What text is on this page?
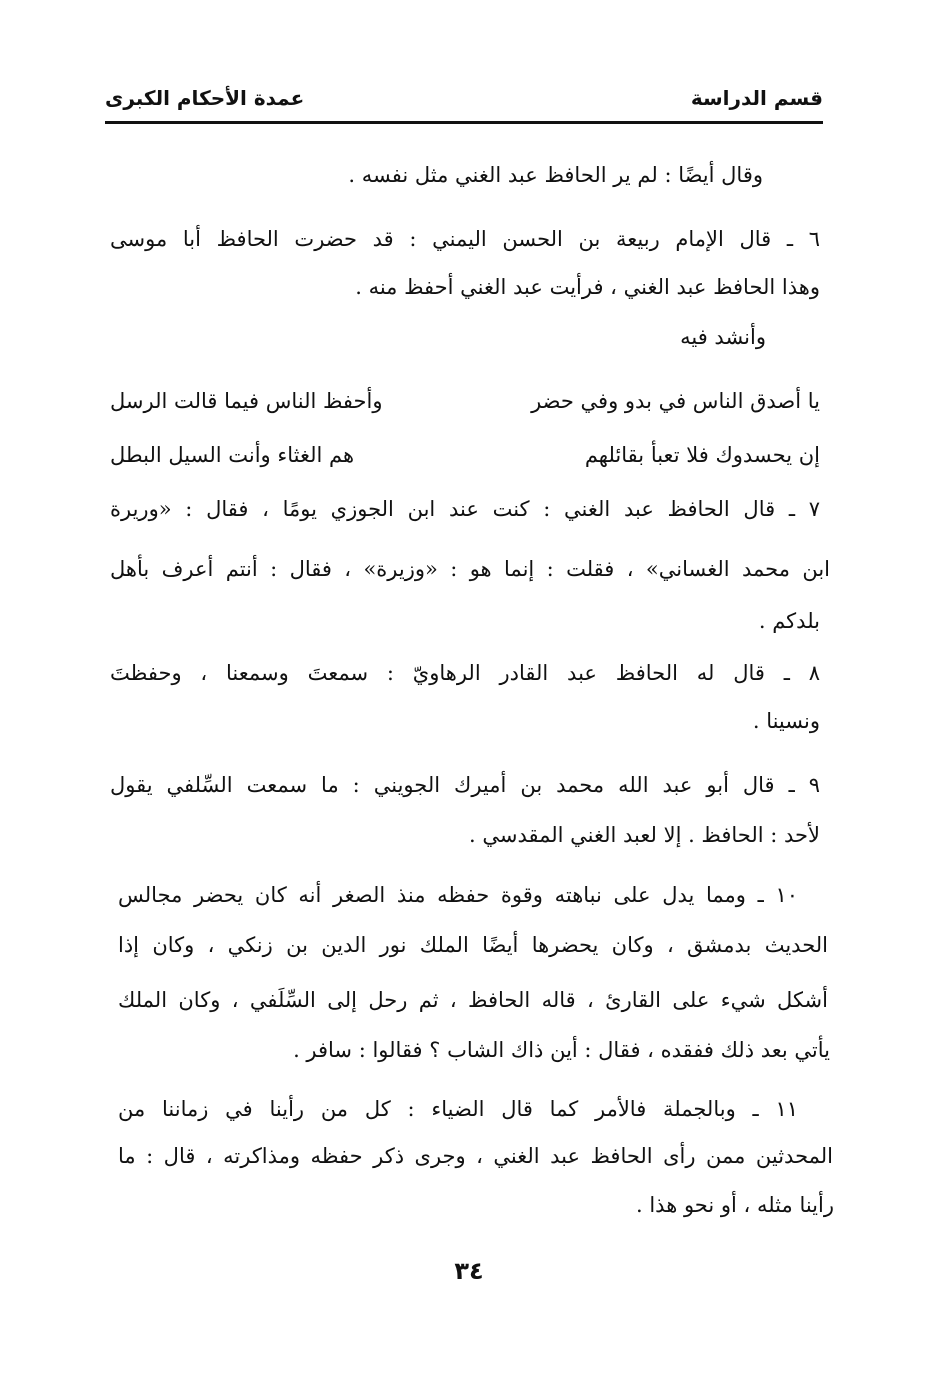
قسم الدراسة
عمدة الأحكام الكبرى
وقال أيضًا : لم ير الحافظ عبد الغني مثل نفسه .
٦ ـ قال الإمام ربيعة بن الحسن اليمني : قد حضرت الحافظ أبا موسى
وهذا الحافظ عبد الغني ، فرأيت عبد الغني أحفظ منه .
وأنشد فيه
يا أصدق الناس في بدو وفي حضر
وأحفظ الناس فيما قالت الرسل
إن يحسدوك فلا تعبأ بقائلهم
هم الغثاء وأنت السيل البطل
٧ ـ قال الحافظ عبد الغني : كنت عند ابن الجوزي يومًا ، فقال : «وريرة
ابن محمد الغساني» ، فقلت : إنما هو : «وزيرة» ، فقال : أنتم أعرف بأهل
بلدكم .
٨ ـ قال له الحافظ عبد القادر الرهاويّ : سمعتَ وسمعنا ، وحفظتَ
ونسينا .
٩ ـ قال أبو عبد الله محمد بن أميرك الجويني : ما سمعت السِّلفي يقول
لأحد : الحافظ . إلا لعبد الغني المقدسي .
١٠ ـ ومما يدل على نباهته وقوة حفظه منذ الصغر أنه كان يحضر مجالس
الحديث بدمشق ، وكان يحضرها أيضًا الملك نور الدين بن زنكي ، وكان إذا
أشكل شيء على القارئ ، قاله الحافظ ، ثم رحل إلى السِّلَفي ، وكان الملك
يأتي بعد ذلك ففقده ، فقال : أين ذاك الشاب ؟ فقالوا : سافر .
١١ ـ وبالجملة فالأمر كما قال الضياء : كل من رأينا في زماننا من
المحدثين ممن رأى الحافظ عبد الغني ، وجرى ذكر حفظه ومذاكرته ، قال : ما
رأينا مثله ، أو نحو هذا .
٣٤
